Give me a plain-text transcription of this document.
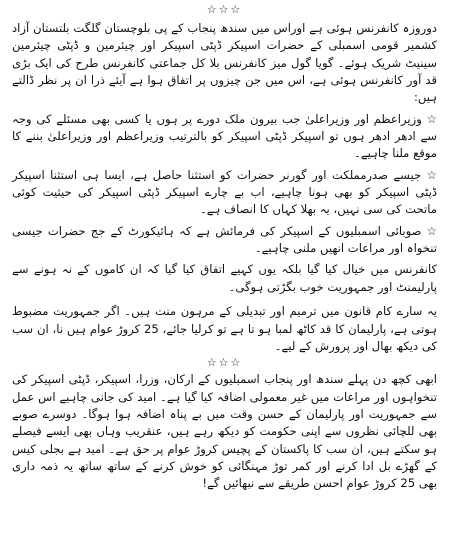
☆☆☆

دوروزہ کانفرنس ہوئی ہے اوراس میں سندھ پنجاب کے پی بلوچستان گلگت بلتستان آزاد کشمیر قومی اسمبلی کے حضرات اسپیکر ڈپٹی اسپیکر اور چیئرمین و ڈپٹی چیئرمین سینیٹ شریک ہوئے۔ گویا گول میز کانفرنس بلا کل جماعتی کانفرنس طرح کی ایک بڑی قد آور کانفرنس ہوئی ہے، اس میں جن چیزوں پر اتفاق ہوا ہے آیئے ذرا ان پر نظر ڈالتے ہیں:

☆ وزیراعظم اور وزیراعلیٰ جب بیرون ملک دورے پر ہوں یا کسی بھی مسئلے کی وجہ سے ادھر ادھر ہوں تو اسپیکر ڈپٹی اسپیکر کو بالترتیب وزیراعظم اور وزیراعلیٰ بننے کا موقع ملنا چاہیے۔

☆ جیسے صدرمملکت اور گورنر حضرات کو استثنا حاصل ہے، ایسا ہی استثنا اسپیکر ڈپٹی اسپیکر کو بھی ہونا چاہیے، اب بے چارے اسپیکر ڈپٹی اسپیکر کی حیثیت کوئی ماتحت کی سی نہیں، یہ بھلا کہاں کا انصاف ہے۔

☆ صوبائی اسمبلیوں کے اسپیکر کی فرمائش ہے کہ ہائیکورٹ کے جج حضرات جیسی تنخواہ اور مراعات انھیں ملنی چاہیے۔

کانفرنس میں خیال کیا گیا بلکہ یوں کہیے اتفاق کیا گیا کہ ان کاموں کے نہ ہونے سے پارلیمنٹ اور جمہوریت خوب بگڑتی ہوگی۔

یہ سارے کام قانون میں ترمیم اور تبدیلی کے مرہون منت ہیں۔ اگر جمہوریت مضبوط ہوتی ہے، پارلیمان کا قد کاٹھ لمبا ہو تا ہے تو کرلیا جائے، 25 کروڑ عوام ہیں نا، ان سب کی دیکھ بھال اور پرورش کے لیے۔

☆☆☆

ابھی کچھ دن پہلے سندھ اور پنجاب اسمبلیوں کے ارکان، وزرا، اسپیکر، ڈپٹی اسپیکر کی تنخواہوں اور مراعات میں غیر معمولی اضافہ کیا گیا ہے۔ امید کی جانی چاہیے اس عمل سے جمہوریت اور پارلیمان کے حسن وقت میں بے پناہ اضافہ ہوا ہوگا۔ دوسرے صوبے بھی للچائی نظروں سے اپنی حکومت کو دیکھ رہے ہیں، عنقریب وہاں بھی ایسے فیصلے ہو سکتے ہیں، ان سب کا پاکستان کے پچیس کروڑ عوام پر حق ہے۔ امید ہے بجلی کیس کے گھڑے بل ادا کرنے اور کمر توڑ مہنگائی کو خوش کرنے کے ساتھ ساتھ یہ ذمہ داری بھی 25 کروڑ عوام احسن طریقے سے نبھائیں گے!
